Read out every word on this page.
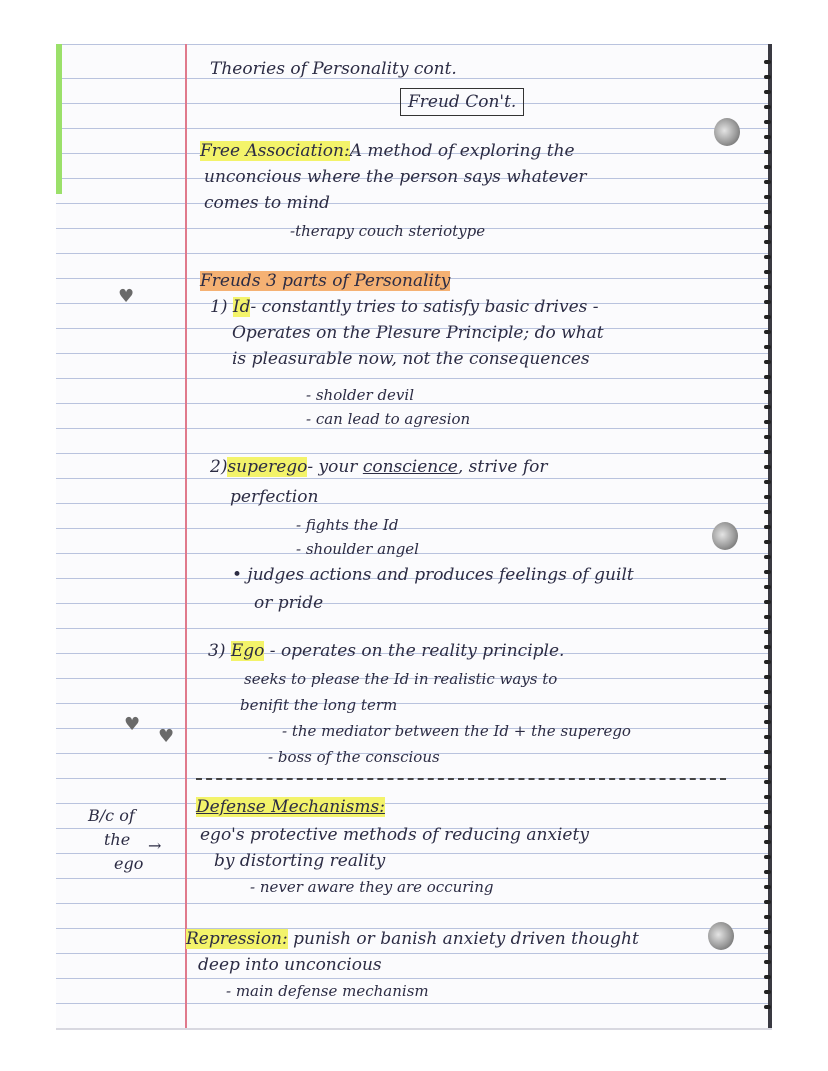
Theories of Personality cont.
Freud Con't.
Free Association:A method of exploring the
unconcious where the person says whatever
comes to mind
-therapy couch steriotype
Freuds 3 parts of Personality
♥	1) Id- constantly tries to satisfy basic drives -
Operates on the Plesure Principle; do what
is pleasurable now, not the consequences
- sholder devil
- can lead to agresion
2)superego- your conscience, strive for
perfection
- fights the Id
- shoulder angel
• judges actions and produces feelings of guilt
or pride
3) Ego - operates on the reality principle.
seeks to please the Id in realistic ways to
benifit the long term
- the mediator between the Id + the superego
- boss of the conscious
♥
♥
Defense Mechanisms:
ego's protective methods of reducing anxiety
by distorting reality
- never aware they are occuring
B/c of
the →
ego
Repression: punish or banish anxiety driven thought
deep into unconcious
- main defense mechanism
